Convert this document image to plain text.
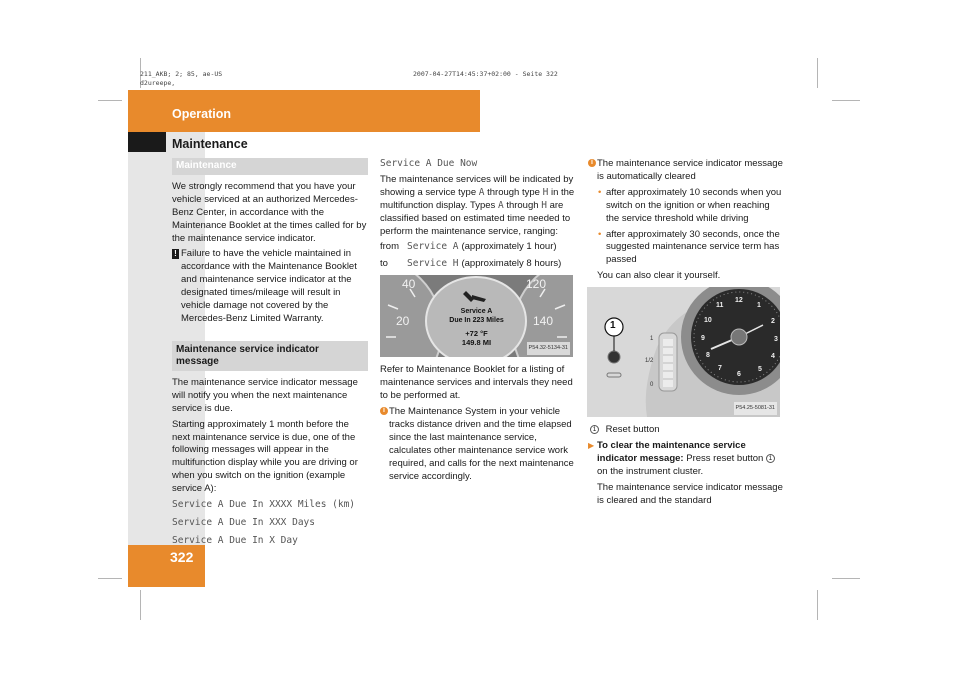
211_AKB; 2; 85, ae-US
d2ureepe,
2007-04-27T14:45:37+02:00 - Seite 322
Operation
Maintenance
322
Maintenance

We strongly recommend that you have your vehicle serviced at an authorized Mercedes-Benz Center, in accordance with the Maintenance Booklet at the times called for by the maintenance service indicator.

! Failure to have the vehicle maintained in accordance with the Maintenance Booklet and maintenance service indicator at the designated times/mileage will result in vehicle damage not covered by the Mercedes-Benz Limited Warranty.

Maintenance service indicator message

The maintenance service indicator message will notify you when the next maintenance service is due.

Starting approximately 1 month before the next maintenance service is due, one of the following messages will appear in the multifunction display while you are driving or when you switch on the ignition (example service A):

Service A Due In XXXX Miles (km)
Service A Due In XXX Days
Service A Due In X Day
Service A Due Now

The maintenance services will be indicated by showing a service type A through type H in the multifunction display. Types A through H are classified based on estimated time needed to perform the maintenance service, ranging:

from Service A (approximately 1 hour)
to	Service H (approximately 8 hours)
40
20
120
140
Service A
Due In 223 Miles
+72 °F
149.8 MI
P54.32-5134-31

Refer to Maintenance Booklet for a listing of maintenance services and intervals they need to be performed at.

i The Maintenance System in your vehicle tracks distance driven and the time elapsed since the last maintenance service, calculates other maintenance service work required, and calls for the next maintenance service accordingly.

i The maintenance service indicator message is automatically cleared

• after approximately 10 seconds when you switch on the ignition or when reaching the service threshold while driving

• after approximately 30 seconds, once the suggested maintenance service term has passed

You can also clear it yourself.

1
1
1/2
0
12
1
2
3
4
5
6
7
8
9
10
11
P54.25-5081-31

1 Reset button

▶ To clear the maintenance service indicator message: Press reset button 1 on the instrument cluster.

The maintenance service indicator message is cleared and the standard
